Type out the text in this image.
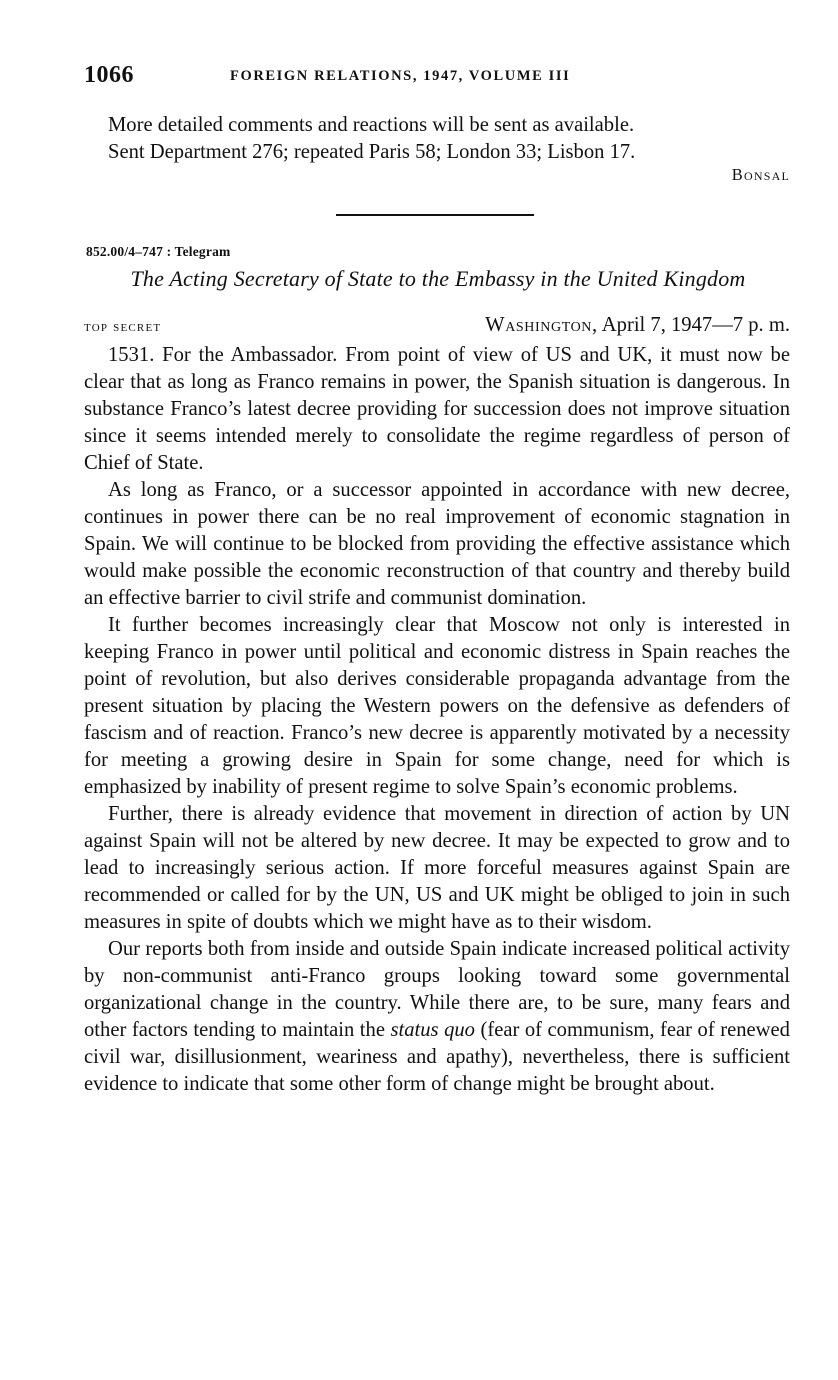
1066	FOREIGN RELATIONS, 1947, VOLUME III

More detailed comments and reactions will be sent as available.

Sent Department 276; repeated Paris 58; London 33; Lisbon 17.

Bonsal
852.00/4–747 : Telegram
The Acting Secretary of State to the Embassy in the United Kingdom
top secret	Washington, April 7, 1947—7 p. m.

1531. For the Ambassador. From point of view of US and UK, it must now be clear that as long as Franco remains in power, the Spanish situation is dangerous. In substance Franco’s latest decree providing for succession does not improve situation since it seems intended merely to consolidate the regime regardless of person of Chief of State.

As long as Franco, or a successor appointed in accordance with new decree, continues in power there can be no real improvement of economic stagnation in Spain. We will continue to be blocked from providing the effective assistance which would make possible the economic reconstruction of that country and thereby build an effective barrier to civil strife and communist domination.

It further becomes increasingly clear that Moscow not only is interested in keeping Franco in power until political and economic distress in Spain reaches the point of revolution, but also derives considerable propaganda advantage from the present situation by placing the Western powers on the defensive as defenders of fascism and of reaction. Franco’s new decree is apparently motivated by a necessity for meeting a growing desire in Spain for some change, need for which is emphasized by inability of present regime to solve Spain’s economic problems.

Further, there is already evidence that movement in direction of action by UN against Spain will not be altered by new decree. It may be expected to grow and to lead to increasingly serious action. If more forceful measures against Spain are recommended or called for by the UN, US and UK might be obliged to join in such measures in spite of doubts which we might have as to their wisdom.

Our reports both from inside and outside Spain indicate increased political activity by non-communist anti-Franco groups looking toward some governmental organizational change in the country. While there are, to be sure, many fears and other factors tending to maintain the status quo (fear of communism, fear of renewed civil war, disillusionment, weariness and apathy), nevertheless, there is sufficient evidence to indicate that some other form of change might be brought about.
